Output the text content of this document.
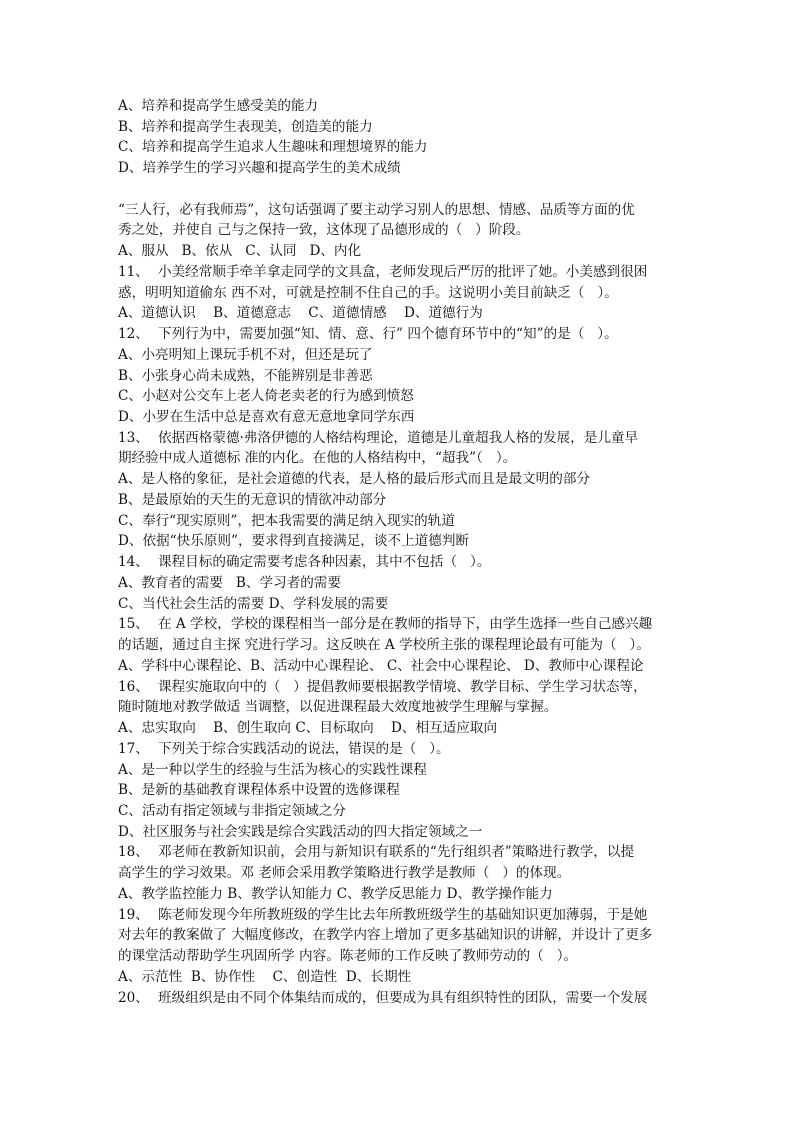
A、培养和提高学生感受美的能力
B、培养和提高学生表现美，创造美的能力
C、培养和提高学生追求人生趣味和理想境界的能力
D、培养学生的学习兴趣和提高学生的美术成绩
“三人行，必有我师焉”，这句话强调了要主动学习别人的思想、情感、品质等方面的优
秀之处，并使自 己与之保持一致，这体现了品德形成的（   ）阶段。
A、服从   B、依从   C、认同   D、内化
11、 小美经常顺手牵羊拿走同学的文具盒，老师发现后严厉的批评了她。小美感到很困
惑，明明知道偷东 西不对，可就是控制不住自己的手。这说明小美目前缺乏（   ）。
A、道德认识    B、道德意志    C、道德情感    D、道德行为
12、 下列行为中，需要加强“知、情、意、行” 四个德育环节中的“知”的是（   ）。
A、小亮明知上课玩手机不对，但还是玩了
B、小张身心尚未成熟，不能辨别是非善恶
C、小赵对公交车上老人倚老卖老的行为感到愤怒
D、小罗在生活中总是喜欢有意无意地拿同学东西
13、 依据西格蒙德·弗洛伊德的人格结构理论，道德是儿童超我人格的发展，是儿童早
期经验中成人道德标 准的内化。在他的人格结构中，“超我”（   ）。
A、是人格的象征，是社会道德的代表，是人格的最后形式而且是最文明的部分
B、是最原始的天生的无意识的情欲冲动部分
C、奉行“现实原则”，把本我需要的满足纳入现实的轨道
D、依据“快乐原则”，要求得到直接满足，谈不上道德判断
14、 课程目标的确定需要考虑各种因素，其中不包括（   ）。
A、教育者的需要   B、学习者的需要
C、当代社会生活的需要 D、学科发展的需要
15、 在 A 学校，学校的课程相当一部分是在教师的指导下，由学生选择一些自己感兴趣
的话题，通过自主探 究进行学习。这反映在 A 学校所主张的课程理论最有可能为（   ）。
A、学科中心课程论、B、活动中心课程论、 C、社会中心课程论、 D、教师中心课程论
16、 课程实施取向中的（   ）提倡教师要根据教学情境、教学目标、学生学习状态等，
随时随地对教学做适 当调整，以促进课程最大效度地被学生理解与掌握。
A、忠实取向    B、创生取向 C、目标取向    D、相互适应取向
17、 下列关于综合实践活动的说法，错误的是（   ）。
A、是一种以学生的经验与生活为核心的实践性课程
B、是新的基础教育课程体系中设置的选修课程
C、活动有指定领域与非指定领域之分
D、社区服务与社会实践是综合实践活动的四大指定领域之一
18、 邓老师在教新知识前，会用与新知识有联系的“先行组织者”策略进行教学，以提
高学生的学习效果。邓 老师会采用教学策略进行教学是教师（   ）的体现。
A、教学监控能力 B、教学认知能力 C、教学反思能力 D、教学操作能力
19、 陈老师发现今年所教班级的学生比去年所教班级学生的基础知识更加薄弱，于是她
对去年的教案做了 大幅度修改，在教学内容上增加了更多基础知识的讲解，并设计了更多
的课堂活动帮助学生巩固所学 内容。陈老师的工作反映了教师劳动的（   ）。
A、示范性  B、协作性    C、创造性  D、长期性
20、 班级组织是由不同个体集结而成的，但要成为具有组织特性的团队，需要一个发展
